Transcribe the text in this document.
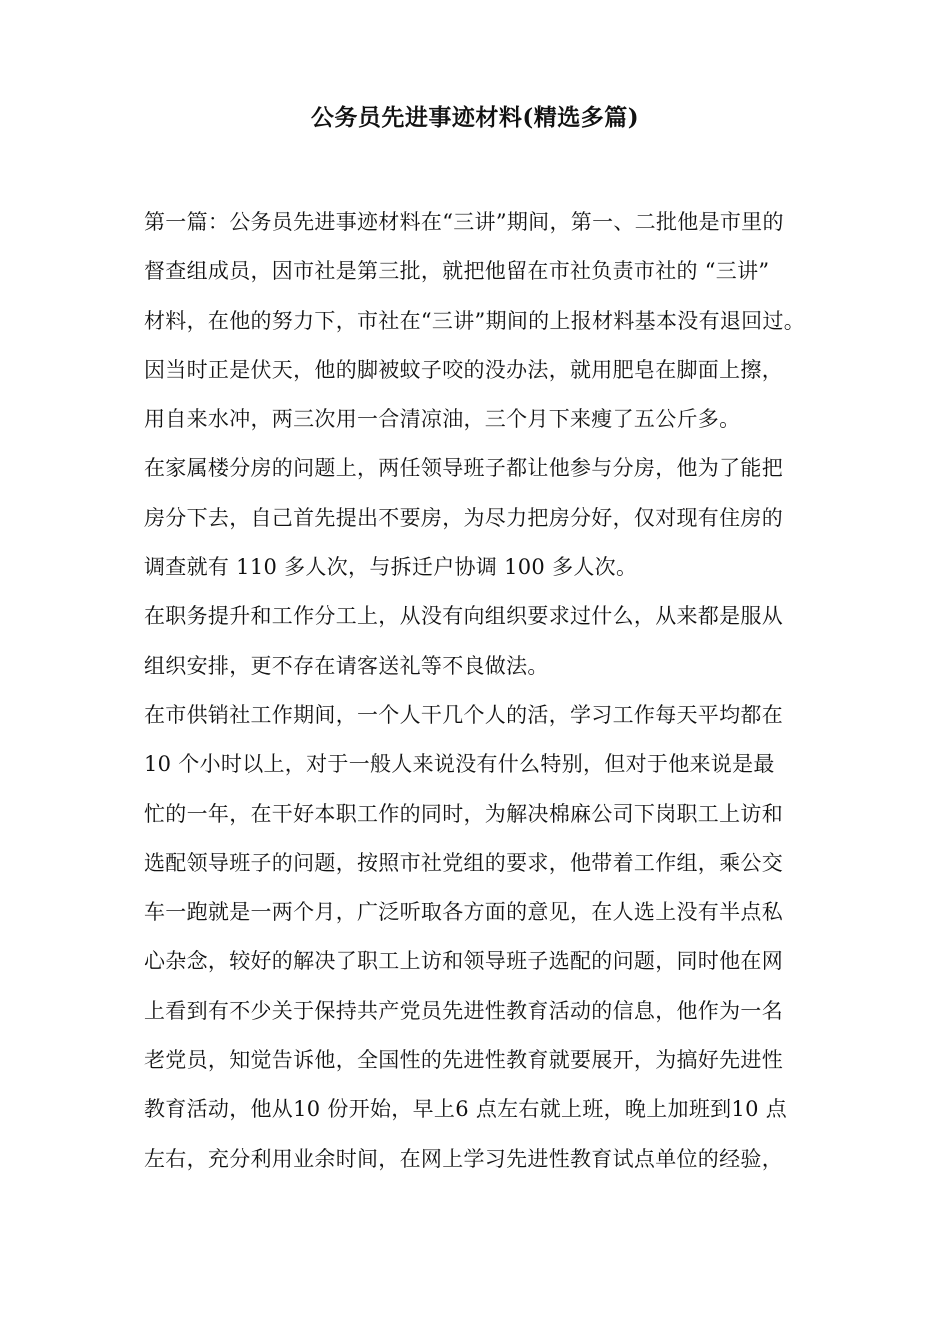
公务员先进事迹材料(精选多篇)
第一篇：公务员先进事迹材料在“三讲”期间，第一、二批他是市里的
督查组成员，因市社是第三批，就把他留在市社负责市社的 “三讲”
材料，在他的努力下，市社在“三讲”期间的上报材料基本没有退回过。
因当时正是伏天，他的脚被蚊子咬的没办法，就用肥皂在脚面上擦，
用自来水冲，两三次用一合清凉油，三个月下来瘦了五公斤多。
在家属楼分房的问题上，两任领导班子都让他参与分房，他为了能把
房分下去，自己首先提出不要房，为尽力把房分好，仅对现有住房的
调查就有 110 多人次，与拆迁户协调 100 多人次。
在职务提升和工作分工上，从没有向组织要求过什么，从来都是服从
组织安排，更不存在请客送礼等不良做法。
在市供销社工作期间，一个人干几个人的活，学习工作每天平均都在
10 个小时以上，对于一般人来说没有什么特别，但对于他来说是最
忙的一年，在干好本职工作的同时，为解决棉麻公司下岗职工上访和
选配领导班子的问题，按照市社党组的要求，他带着工作组，乘公交
车一跑就是一两个月，广泛听取各方面的意见，在人选上没有半点私
心杂念，较好的解决了职工上访和领导班子选配的问题，同时他在网
上看到有不少关于保持共产党员先进性教育活动的信息，他作为一名
老党员，知觉告诉他，全国性的先进性教育就要展开，为搞好先进性
教育活动，他从10 份开始，早上6 点左右就上班，晚上加班到10 点
左右，充分利用业余时间，在网上学习先进性教育试点单位的经验，
